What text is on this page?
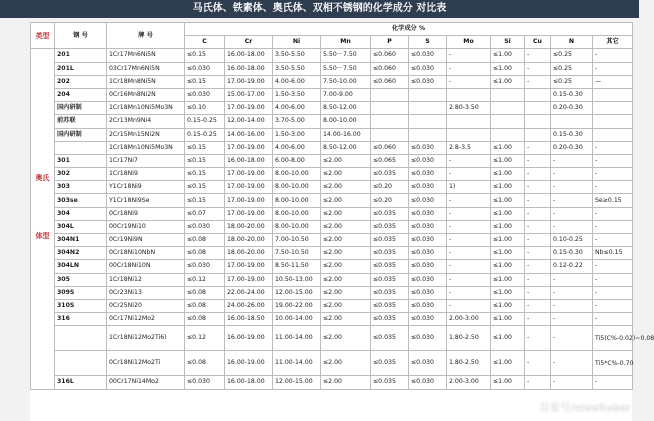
马氏体、铁素体、奥氏体、双相不锈钢的化学成分 对比表
类型	钢 号	牌 号	化学成分 %										
			C	Cr	Ni	Mn	P	S	Mo	Si	Cu	N	其它
奥氏体型	201	1Cr17Mn6Ni5N	≤0.15	16.00-18.00	3.50-5.50	5.50－7.50	≤0.060	≤0.030	-	≤1.00	-	≤0.25	-
	201L	03Cr17Mn6Ni5N	≤0.030	16.00-18.00	3.50-5.50	5.50－7.50	≤0.060	≤0.030	-	≤1.00	-	≤0.25	-
	202	1Cr18Mn8Ni5N	≤0.15	17.00-19.00	4.00-6.00	7.50-10.00	≤0.060	≤0.030	-	≤1.00	-	≤0.25	—
	204	0Cr16Mn8Ni2N	≤0.030	15.00-17.00	1.50-3.50	7.00-9.00						0.15-0.30	
	国内研制	1Cr18Mn10Ni5Mo3N	≤0.10	17.00-19.00	4.00-6.00	8.50-12.00			2.80-3.50			0.20-0.30	
	前苏联	2Cr13Mn9Ni4	0.15-0.25	12.00-14.00	3.70-5.00	8.00-10.00							
	国内研制	2Cr15Mn15Ni2N	0.15-0.25	14.00-16.00	1.50-3.00	14.00-16.00						0.15-0.30	
		1Cr18Mn10Ni5Mo3N	≤0.15	17.00-19.00	4.00-6.00	8.50-12.00	≤0.060	≤0.030	2.8-3.5	≤1.00	-	0.20-0.30	-
	301	1Cr17Ni7	≤0.15	16.00-18.00	6.00-8.00	≤2.00	≤0.065	≤0.030	-	≤1.00	-	-	-
	302	1Cr18Ni9	≤0.15	17.00-19.00	8.00-10.00	≤2.00	≤0.035	≤0.030	-	≤1.00	-	-	-
	303	Y1Cr18Ni9	≤0.15	17.00-19.00	8.00-10.00	≤2.00	≤0.20	≤0.030	1)	≤1.00	-	-	-
	303se	Y1Cr18Ni9Se	≤0.15	17.00-19.00	8.00-10.00	≤2.00	≤0.20	≤0.030	-	≤1.00	-	-	Se≥0.15
	304	0Cr18Ni9	≤0.07	17.00-19.00	8.00-10.00	≤2.00	≤0.035	≤0.030	-	≤1.00	-	-	-
	304L	00Cr19Ni10	≤0.030	18.00-20.00	8.00-10.00	≤2.00	≤0.035	≤0.030	-	≤1.00	-	-	-
	304N1	0Cr19Ni9N	≤0.08	18.00-20.00	7.00-10.50	≤2.00	≤0.035	≤0.030	-	≤1.00	-	0.10-0.25	-
	304N2	0Cr18Ni10NbN	≤0.08	18.00-20.00	7.50-10.50	≤2.00	≤0.035	≤0.030	-	≤1.00	-	0.15-0.30	Nb≤0.15
	304LN	00Cr18Ni10N	≤0.030	17.00-19.00	8.50-11.50	≤2.00	≤0.035	≤0.030	-	≤1.00	-	0.12-0.22	-
	305	1Cr18Ni12	≤0.12	17.00-19.00	10.50-13.00	≤2.00	≤0.035	≤0.030	-	≤1.00	-	-	-
	309S	0Cr23Ni13	≤0.08	22.00-24.00	12.00-15.00	≤2.00	≤0.035	≤0.030	-	≤1.00	-	-	-
	310S	0Cr25Ni20	≤0.08	24.00-26.00	19.00-22.00	≤2.00	≤0.035	≤0.030	-	≤1.00	-	-	-
	316	0Cr17Ni12Mo2	≤0.08	16.00-18.50	10.00-14.00	≤2.00	≤0.035	≤0.030	2.00-3.00	≤1.00	-	-	-
		1Cr18Ni12Mo2Ti6)	≤0.12	16.00-19.00	11.00-14.00	≤2.00	≤0.035	≤0.030	1.80-2.50	≤1.00	-	-	Ti5(C%-0.02)~0.08
		0Cr18Ni12Mo2Ti	≤0.08	16.00-19.00	11.00-14.00	≤2.00	≤0.035	≤0.030	1.80-2.50	≤1.00	-	-	Ti5*C%-0.70
	316L	00Cr17Ni14Mo2	≤0.030	16.00-18.00	12.00-15.00	≤2.00	≤0.035	≤0.030	2.00-3.00	≤1.00	-	-	-
百家号/steeltuber
